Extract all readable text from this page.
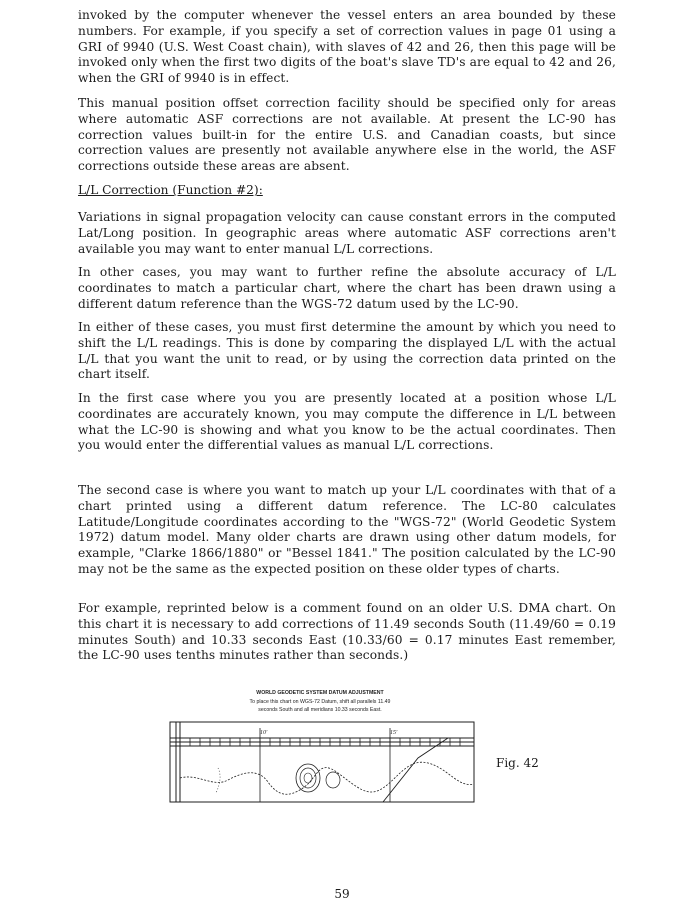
invoked by the computer whenever the vessel enters an area bounded by these numbers. For example, if you specify a set of correction values in page 01 using a GRI of 9940 (U.S. West Coast chain), with slaves of 42 and 26, then this page will be invoked only when the first two digits of the boat's slave TD's are equal to 42 and 26, when the GRI of 9940 is in effect.

This manual position offset correction facility should be specified only for areas where automatic ASF corrections are not available. At present the LC-90 has correction values built-in for the entire U.S. and Canadian coasts, but since correction values are presently not available anywhere else in the world, the ASF corrections outside these areas are absent.

L/L Correction (Function #2):

Variations in signal propagation velocity can cause constant errors in the computed Lat/Long position. In geographic areas where automatic ASF corrections aren't available you may want to enter manual L/L corrections.

In other cases, you may want to further refine the absolute accuracy of L/L coordinates to match a particular chart, where the chart has been drawn using a different datum reference than the WGS-72 datum used by the LC-90.

In either of these cases, you must first determine the amount by which you need to shift the L/L readings. This is done by comparing the displayed L/L with the actual L/L that you want the unit to read, or by using the correction data printed on the chart itself.

In the first case where you you are presently located at a position whose L/L coordinates are accurately known, you may compute the difference in L/L between what the LC-90 is showing and what you know to be the actual coordinates. Then you would enter the differential values as manual L/L corrections.

The second case is where you want to match up your L/L coordinates with that of a chart printed using a different datum reference. The LC-80 calculates Latitude/Longitude coordinates according to the "WGS-72" (World Geodetic System 1972) datum model. Many older charts are drawn using other datum models, for example, "Clarke 1866/1880" or "Bessel 1841." The position calculated by the LC-90 may not be the same as the expected position on these older types of charts.

For example, reprinted below is a comment found on an older U.S. DMA chart. On this chart it is necessary to add corrections of 11.49 seconds South (11.49/60 = 0.19 minutes South) and 10.33 seconds East (10.33/60 = 0.17 minutes East remember, the LC-90 uses tenths minutes rather than seconds.)

WORLD GEODETIC SYSTEM DATUM ADJUSTMENT

To place this chart on WGS-72 Datum, shift all parallels 11.49

seconds South and all meridians 10.33 seconds East.

10'	15'

Fig. 42

59
